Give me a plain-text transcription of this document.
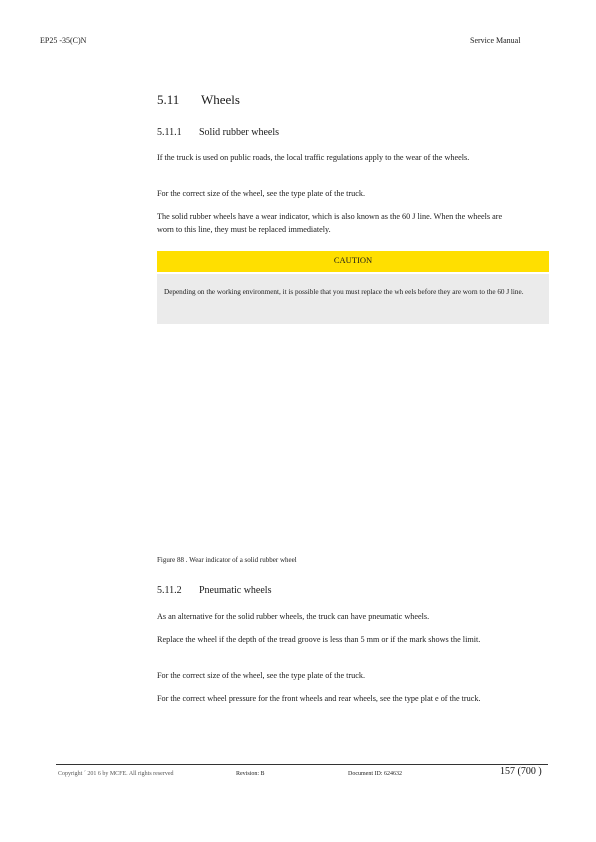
EP25 -35(C)N	Service Manual
5.11 Wheels
5.11.1 Solid rubber wheels
If the truck is used on public roads, the local traffic regulations apply to the wear of the wheels.
For the correct size of the wheel, see the type plate of the truck.
The solid rubber wheels have a wear indicator, which is also known as the 60 J line. When the wheels are worn to this line, they must be replaced immediately.
CAUTION
Depending on the working environment, it is possible that you must replace the wh eels before they are worn to the 60 J line.
Figure 88 . Wear indicator of a solid rubber wheel
5.11.2 Pneumatic wheels
As an alternative for the solid rubber wheels, the truck can have pneumatic wheels.
Replace the wheel if the depth of the tread groove is less than 5 mm or if the mark shows the limit.
For the correct size of the wheel, see the type plate of the truck.
For the correct wheel pressure for the front wheels and rear wheels, see the type plat e of the truck.
Copyright ´ 201 6 by MCFE. All rights reserved	Revision: B	Document ID: 624632	157 (700 )
